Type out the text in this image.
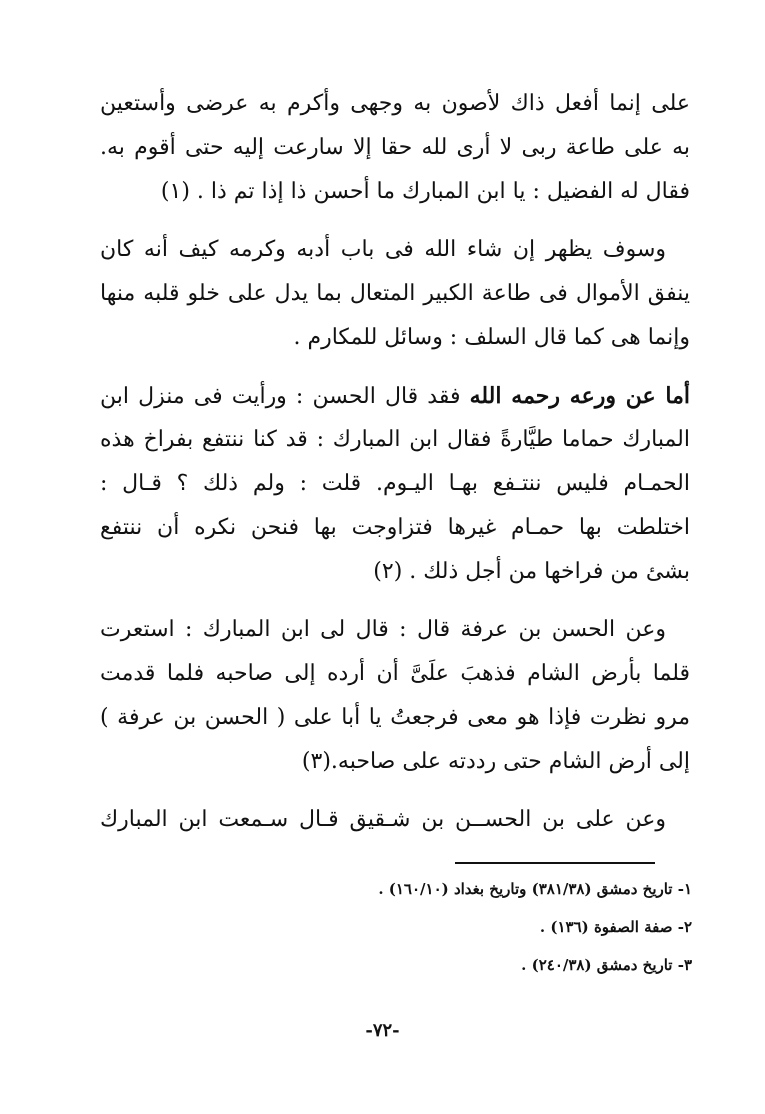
على إنما أفعل ذاك لأصون به وجهى وأكرم به عرضى وأستعين
به على طاعة ربى لا أرى لله حقا إلا سارعت إليه حتى أقوم به.
فقال له الفضيل : يا ابن المبارك ما أحسن ذا إذا تم ذا . (١)
وسوف يظهر إن شاء الله فى باب أدبه وكرمه كيف أنه كان
ينفق الأموال فى طاعة الكبير المتعال بما يدل على خلو قلبه منها
وإنما هى كما قال السلف : وسائل للمكارم .
أما عن ورعه رحمه الله فقد قال الحسن : ورأيت فى منزل ابن
المبارك حماما طيَّارةً فقال ابن المبارك : قد كنا ننتفع بفراخ هذه
الحمـام فليس ننتـفع بهـا اليـوم. قلت : ولم ذلك ؟ قـال :
اختلطت بها حمـام غيرها فتزاوجت بها فنحن نكره أن ننتفع
بشئ من فراخها من أجل ذلك . (٢)
وعن الحسن بن عرفة قال : قال لى ابن المبارك : استعرت
قلما بأرض الشام فذهبَ علَىَّ أن أرده إلى صاحبه فلما قدمت
مرو نظرت فإذا هو معى فرجعتُ يا أبا على ( الحسن بن عرفة )
إلى أرض الشام حتى رددته على صاحبه.(٣)
وعن على بن الحســن بن شـقيق قـال سـمعت ابن المبارك
١- تاريخ دمشق (٣٨١/٣٨) وتاريخ بغداد (١٦٠/١٠) .
٢- صفة الصفوة (١٣٦) .
٣- تاريخ دمشق (٢٤٠/٣٨) .
-٧٢-
